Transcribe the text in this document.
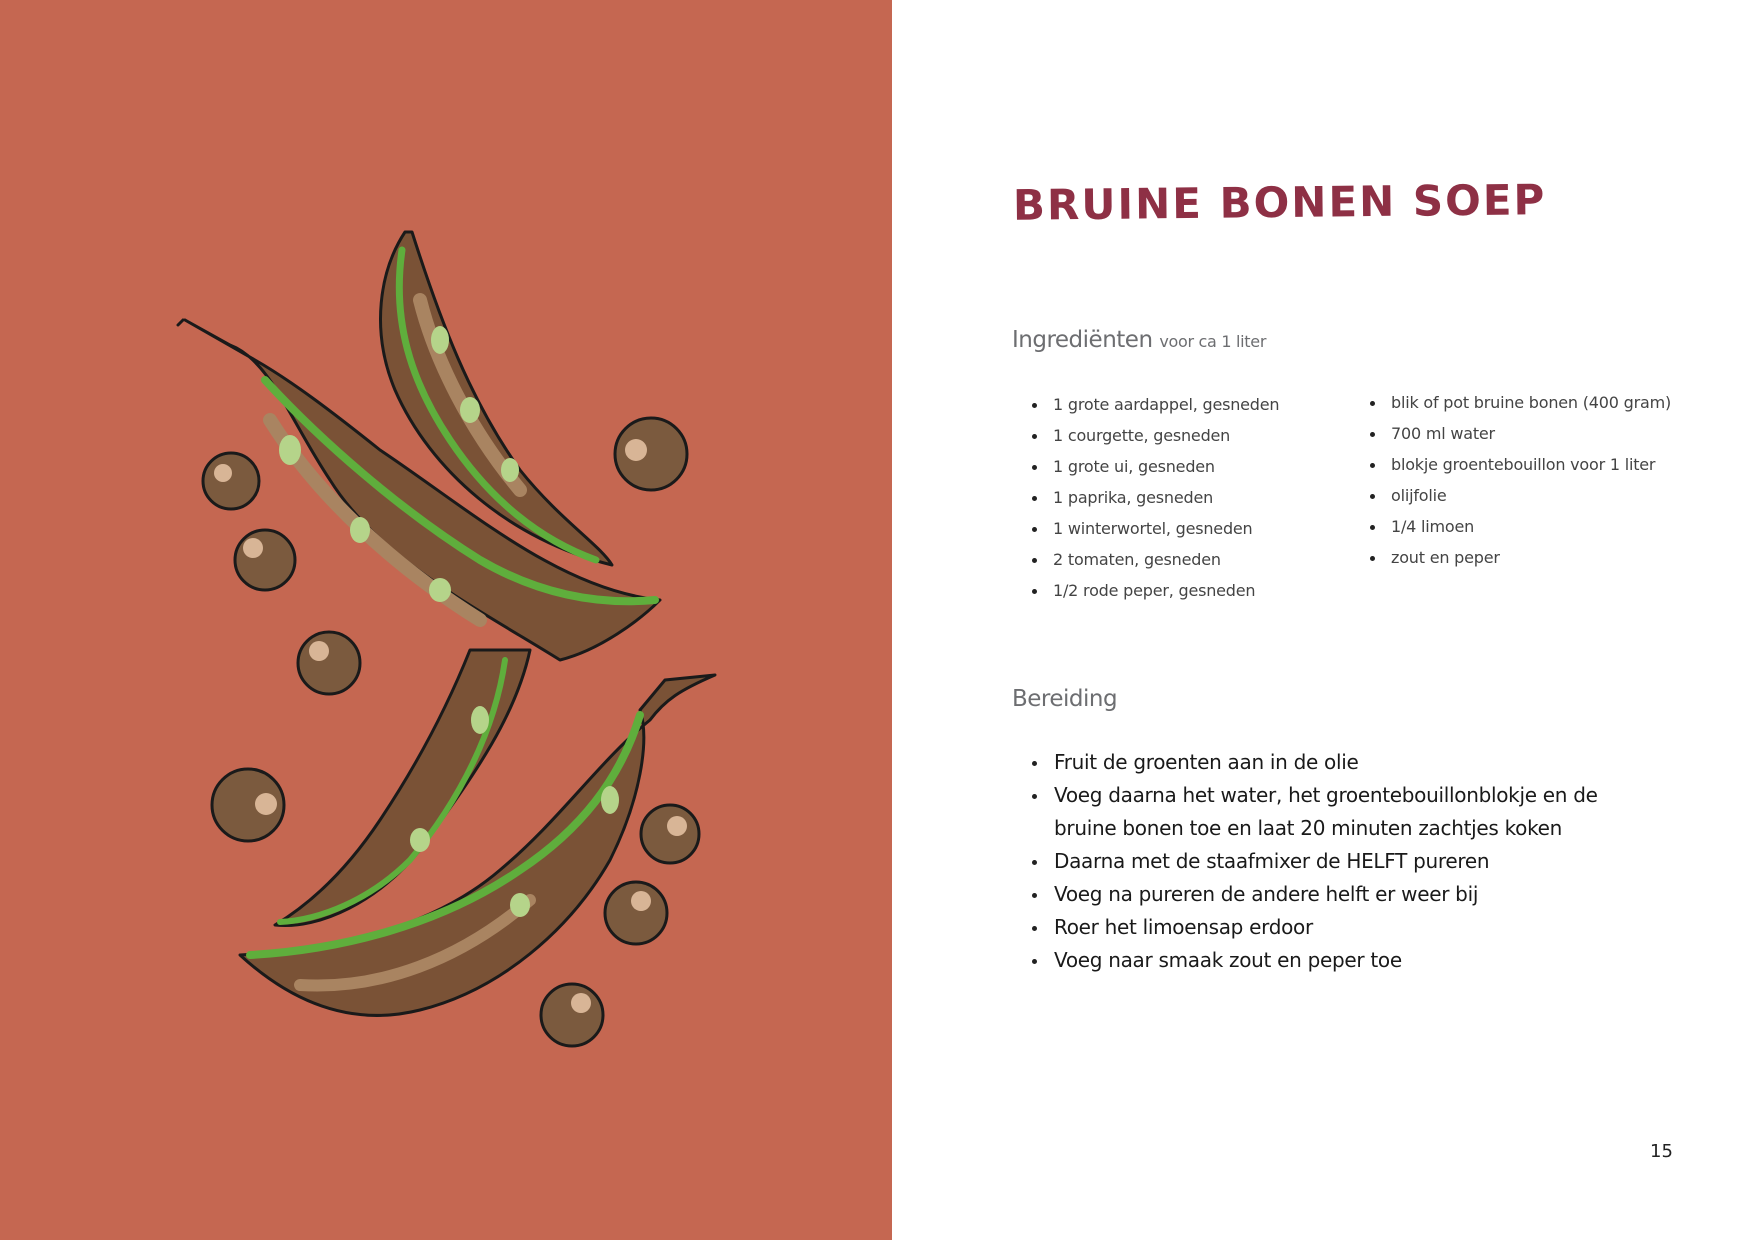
BRUINE BONEN SOEP
Ingrediënten voor ca 1 liter
1 grote aardappel, gesneden
1 courgette, gesneden
1 grote ui, gesneden
1 paprika, gesneden
1 winterwortel, gesneden
2 tomaten, gesneden
1/2 rode peper, gesneden
blik of pot bruine bonen (400 gram)
700 ml water
blokje groentebouillon voor 1 liter
olijfolie
1/4 limoen
zout en peper
Bereiding
Fruit de groenten aan in de olie
Voeg daarna het water, het groentebouillonblokje en de bruine bonen toe en laat 20 minuten zachtjes koken
Daarna met de staafmixer de HELFT pureren
Voeg na pureren de andere helft er weer bij
Roer het limoensap erdoor
Voeg naar smaak zout en peper toe
15
